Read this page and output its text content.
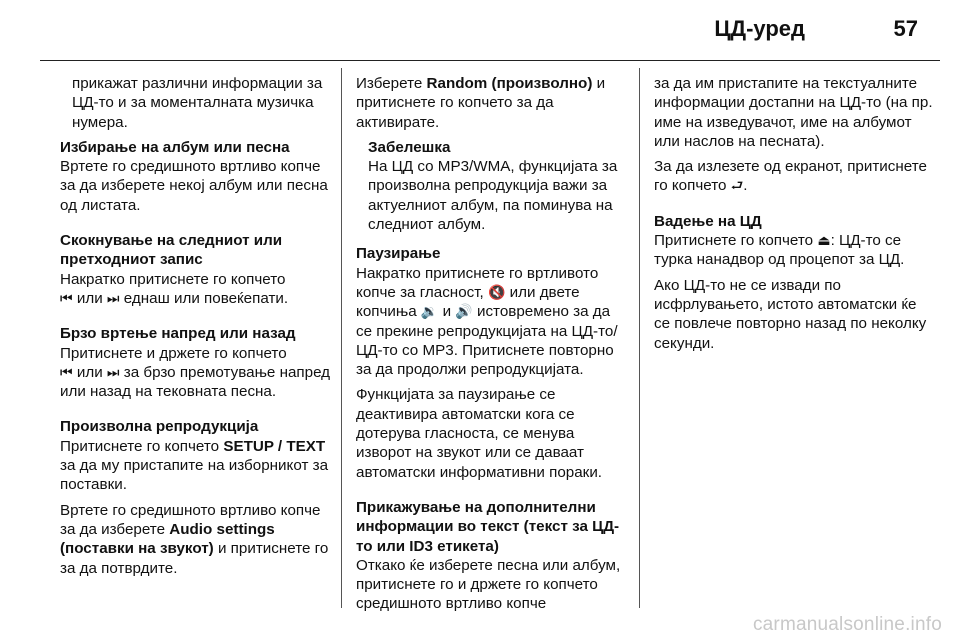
ЦД-уред	57

прикажат различни информации за ЦД-то и за моменталната музичка нумера.

Избирање на албум или песна

Вртете го средишното вртливо копче за да изберете некој албум или песна од листата.

Скокнување на следниот или претходниот запис

Накратко притиснете го копчето
⏮ или ⏭ еднаш или повеќепати.

Брзо вртење напред или назад

Притиснете и држете го копчето
⏮ или ⏭ за брзо премотување напред или назад на тековната песна.

Произволна репродукција

Притиснете го копчето SETUP / TEXT за да му пристапите на изборникот за поставки.

Вртете го средишното вртливо копче за да изберете Audio settings (поставки на звукот) и притиснете го за да потврдите.

Изберете Random (произволно) и притиснете го копчето за да активирате.

Забелешка

На ЦД со MP3/WMA, функцијата за произволна репродукција важи за актуелниот албум, па поминува на следниот албум.

Паузирање

Накратко притиснете го вртливото копче за гласност, 🔇 или двете копчиња 🔉 и 🔊 истовремено за да се прекине репродукцијата на ЦД-то/ЦД-то со MP3. Притиснете повторно за да продолжи репродукцијата.

Функцијата за паузирање се деактивира автоматски кога се дотерува гласноста, се менува изворот на звукот или се даваат автоматски информативни пораки.

Прикажување на дополнителни информации во текст (текст за ЦД-то или ID3 етикета)

Откако ќе изберете песна или албум, притиснете го и држете го копчето средишното вртливо копче

за да им пристапите на текстуалните информации достапни на ЦД-то (на пр. име на изведувачот, име на албумот или наслов на песната).

За да излезете од екранот, притиснете го копчето ⮐.

Вадење на ЦД

Притиснете го копчето ⏏: ЦД-то се турка нанадвор од процепот за ЦД.

Ако ЦД-то не се извади по исфрлувањето, истото автоматски ќе се повлече повторно назад по неколку секунди.

carmanualsonline.info
